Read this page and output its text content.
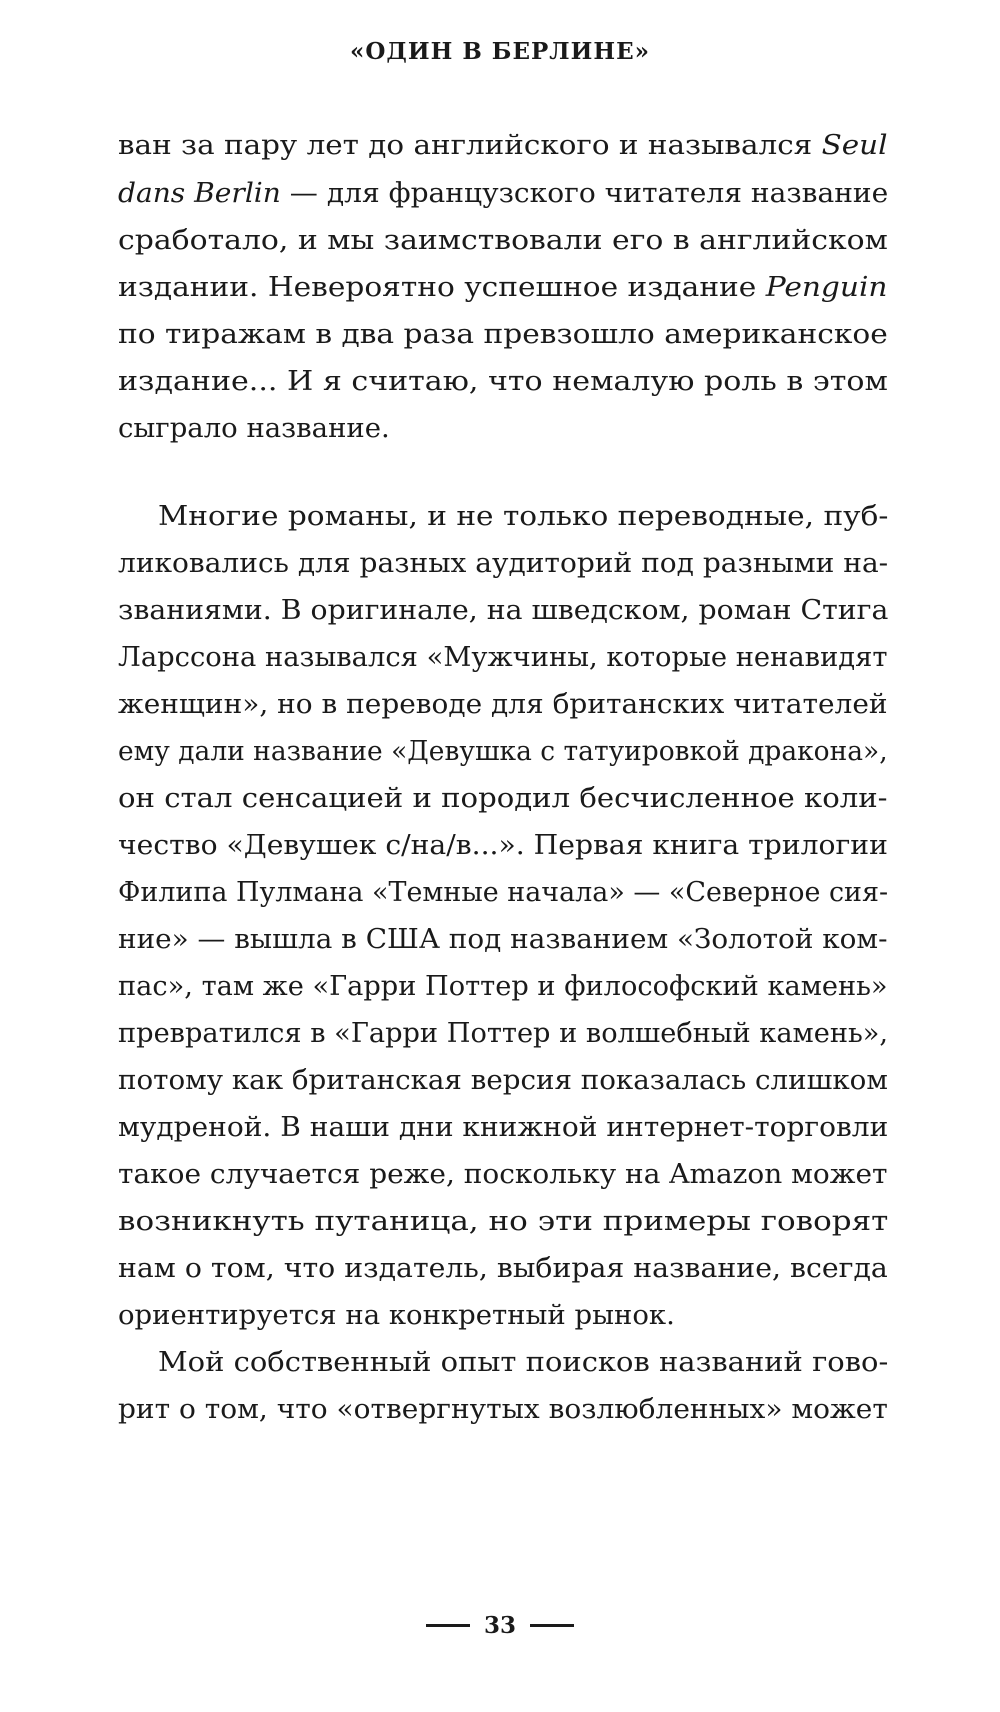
«ОДИН В БЕРЛИНЕ»
ван за пару лет до английского и назывался Seul
dans Berlin — для французского читателя название
сработало, и мы заимствовали его в английском
издании. Невероятно успешное издание Penguin
по тиражам в два раза превзошло американское
издание... И я считаю, что немалую роль в этом
сыграло название.
Многие романы, и не только переводные, пуб-
ликовались для разных аудиторий под разными на-
званиями. В оригинале, на шведском, роман Стига
Ларссона назывался «Мужчины, которые ненавидят
женщин», но в переводе для британских читателей
ему дали название «Девушка с татуировкой дракона»,
он стал сенсацией и породил бесчисленное коли-
чество «Девушек с/на/в...». Первая книга трилогии
Филипа Пулмана «Темные начала» — «Северное сия-
ние» — вышла в США под названием «Золотой ком-
пас», там же «Гарри Поттер и философский камень»
превратился в «Гарри Поттер и волшебный камень»,
потому как британская версия показалась слишком
мудреной. В наши дни книжной интернет-торговли
такое случается реже, поскольку на Amazon может
возникнуть путаница, но эти примеры говорят
нам о том, что издатель, выбирая название, всегда
ориентируется на конкретный рынок.
Мой собственный опыт поисков названий гово-
рит о том, что «отвергнутых возлюбленных» может
33
